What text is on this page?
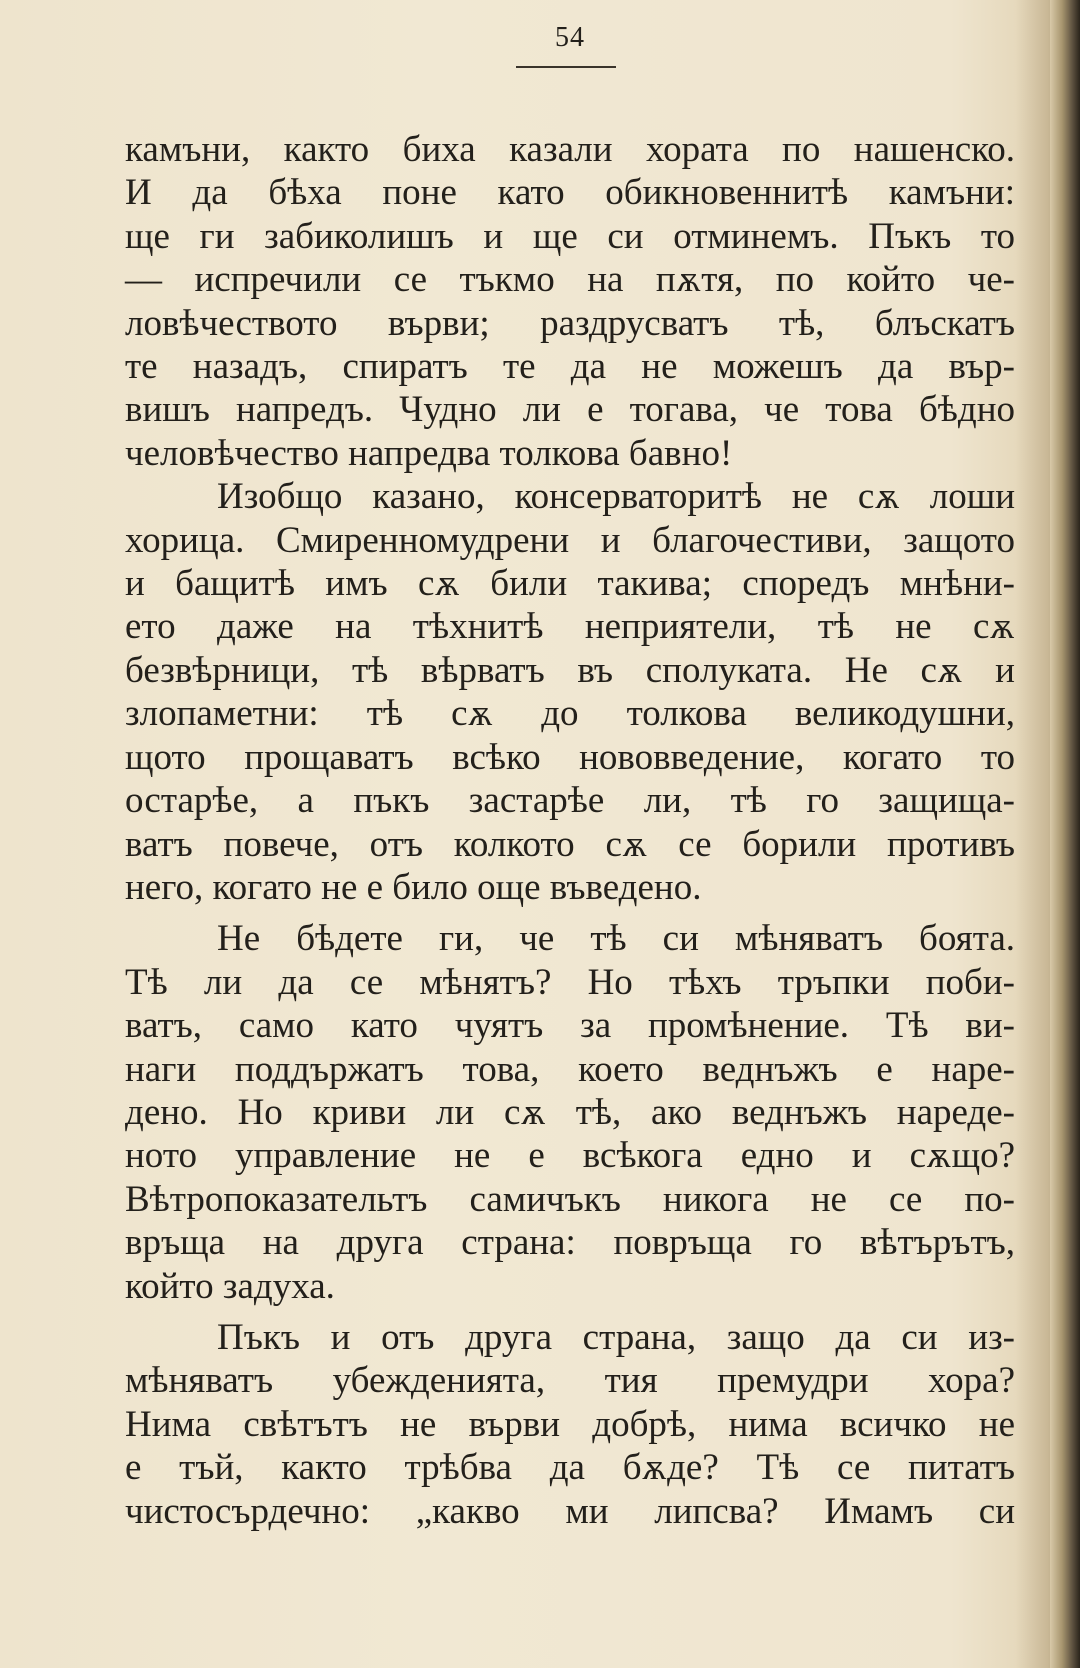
54
камъни, както биха казали хората по нашенско.
И да бѣха поне като обикновеннитѣ камъни:
ще ги забиколишъ и ще си отминемъ. Пъкъ то
— испречили се тъкмо на пѫтя, по който че-
ловѣчеството върви; раздрусватъ тѣ, блъскатъ
те назадъ, спиратъ те да не можешъ да вър-
вишъ напредъ. Чудно ли е тогава, че това бѣдно
человѣчество напредва толкова бавно!
Изобщо казано, консерваторитѣ не сѫ лоши
хорица. Смиренномудрени и благочестиви, защото
и бащитѣ имъ сѫ били такива; споредъ мнѣни-
ето даже на тѣхнитѣ неприятели, тѣ не сѫ
безвѣрници, тѣ вѣрватъ въ сполуката. Не сѫ и
злопаметни: тѣ сѫ до толкова великодушни,
щото прощаватъ всѣко нововведение, когато то
остарѣе, а пъкъ застарѣе ли, тѣ го защища-
ватъ повече, отъ колкото сѫ се борили противъ
него, когато не е било още въведено.
Не бѣдете ги, че тѣ си мѣняватъ боята.
Тѣ ли да се мѣнятъ? Но тѣхъ тръпки поби-
ватъ, само като чуятъ за промѣнение. Тѣ ви-
наги поддържатъ това, което веднъжъ е наре-
дено. Но криви ли сѫ тѣ, ако веднъжъ нареде-
ното управление не е всѣкога едно и сѫщо?
Вѣтропоказательтъ самичъкъ никога не се по-
връща на друга страна: повръща го вѣтърътъ,
който задуха.
Пъкъ и отъ друга страна, защо да си из-
мѣняватъ убежденията, тия премудри хора?
Нима свѣтътъ не върви добрѣ, нима всичко не
е тъй, както трѣбва да бѫде? Тѣ се питатъ
чистосърдечно: „какво ми липсва? Имамъ си
